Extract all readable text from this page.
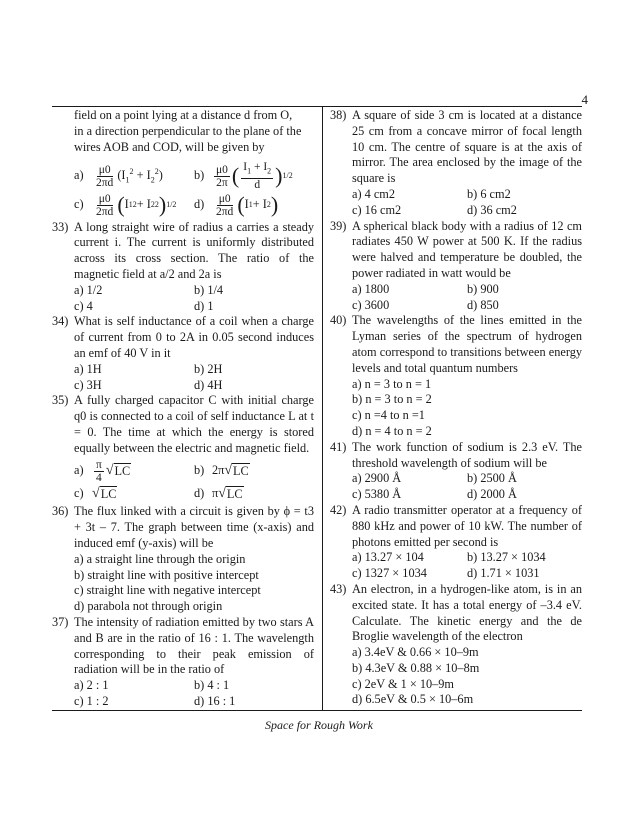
4
field on a point lying at a distance d from O,
in a direction perpendicular to the plane of the
wires AOB and COD, will be given by
$a) \frac{\mu 0}{2\pi d} (I_1^2 + I_2^2)$	$b) \frac{\mu 0}{2\pi}$ ( $\frac{I_1 + I_2}{d}$ ) 1/2
$c) \frac{\mu 0}{2\pi d}$ ( I 1 2 + I 2 2 ) 1/2 $d) \frac{\mu 0}{2\pi d}$ ( I 1 + I 2 )
33) A long straight wire of radius a carries a steady current i. The current is uniformly distributed across its cross section. The ratio of the magnetic field at a/2 and 2a is
a) 1/2	b) 1/4
c) 4	d) 1
34) What is self inductance of a coil when a charge of current from 0 to 2A in 0.05 second induces an emf of 40 V in it
a) 1H	b) 2H
c) 3H	d) 4H
35) A fully charged capacitor C with initial charge q0 is connected to a coil of self inductance L at t = 0. The time at which the energy is stored equally between the electric and magnetic field.
$a) \frac{\pi}{4}$ √ LC	b) 2π √ LC
c) √ LC	d) π √ LC
36) The flux linked with a circuit is given by ϕ = t3 + 3t – 7. The graph between time (x-axis) and induced emf (y-axis) will be
a) a straight line through the origin
b) straight line with positive intercept
c) straight line with negative intercept
d) parabola not through origin
37) The intensity of radiation emitted by two stars A and B are in the ratio of 16 : 1. The wavelength corresponding to their peak emission of radiation will be in the ratio of
a) 2 : 1	b) 4 : 1
c) 1 : 2	d) 16 : 1
38) A square of side 3 cm is located at a distance 25 cm from a concave mirror of focal length 10 cm. The centre of square is at the axis of mirror. The area enclosed by the image of the square is
a) 4 cm2	b) 6 cm2
c) 16 cm2	d) 36 cm2
39) A spherical black body with a radius of 12 cm radiates 450 W power at 500 K. If the radius were halved and temperature be doubled, the power radiated in watt would be
a) 1800	b) 900
c) 3600	d) 850
40) The wavelengths of the lines emitted in the Lyman series of the spectrum of hydrogen atom correspond to transitions between energy levels and total quantum numbers
a) n = 3 to n = 1
b) n = 3 to n = 2
c) n =4 to n =1
d) n = 4 to n = 2
41) The work function of sodium is 2.3 eV. The threshold wavelength of sodium will be
a) 2900 Å	b) 2500 Å
c) 5380 Å	d) 2000 Å
42) A radio transmitter operator at a frequency of 880 kHz and power of 10 kW. The number of photons emitted per second is
a) 13.27 × 104	b) 13.27 × 1034
c) 1327 × 1034	d) 1.71 × 1031
43) An electron, in a hydrogen-like atom, is in an excited state. It has a total energy of –3.4 eV. Calculate. The kinetic energy and the de Broglie wavelength of the electron
a) 3.4eV & 0.66 × 10–9m
b) 4.3eV & 0.88 × 10–8m
c) 2eV & 1 × 10–9m
d) 6.5eV & 0.5 × 10–6m
Space for Rough Work
